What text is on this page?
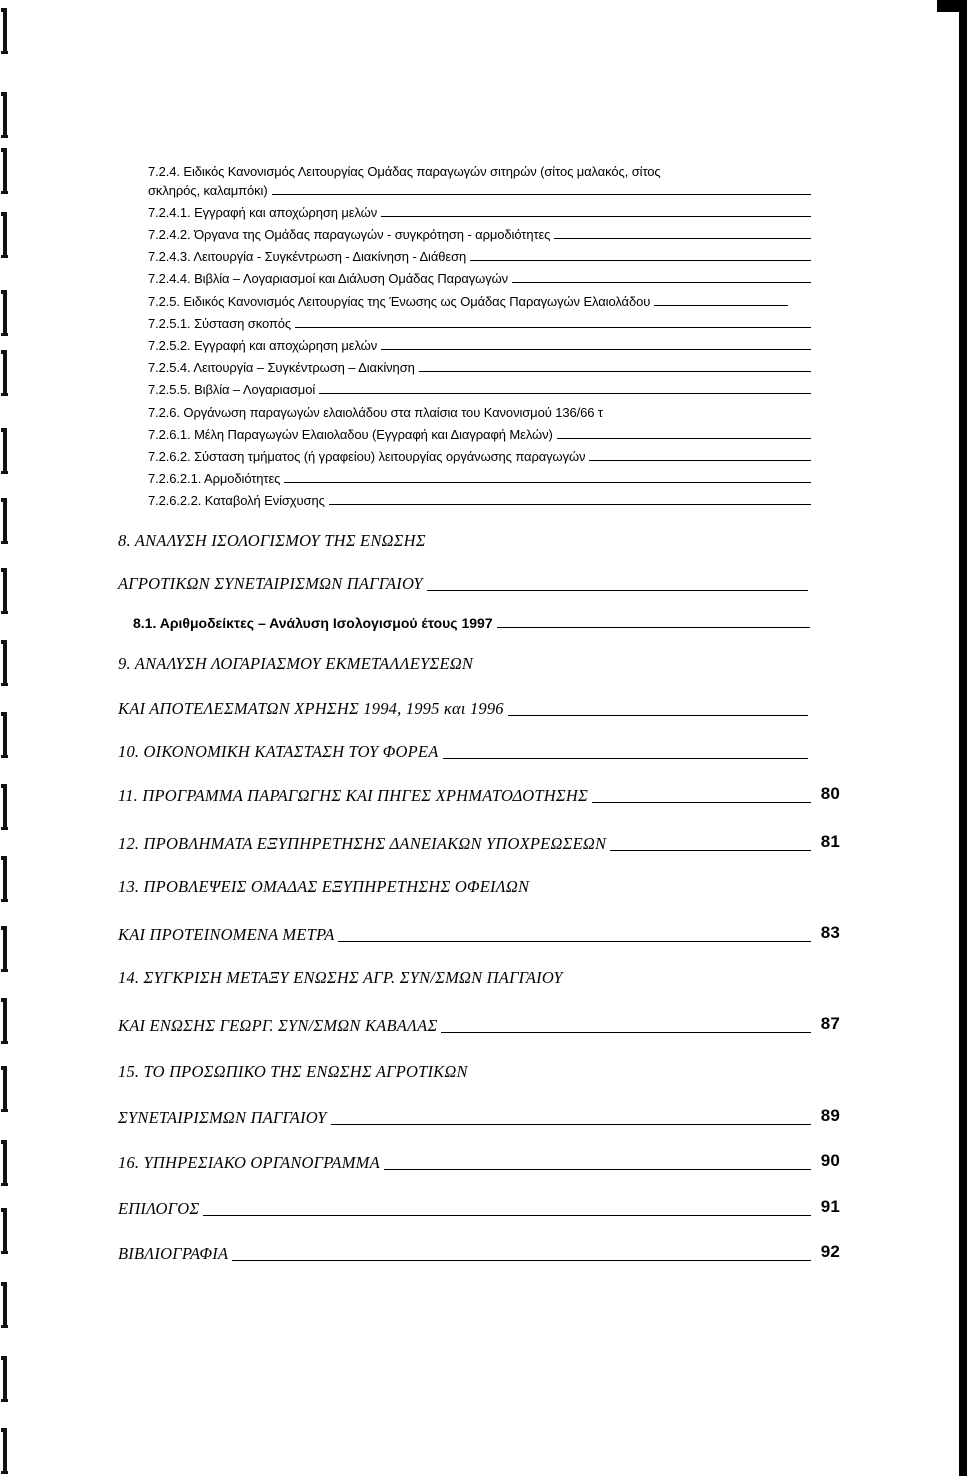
7.2.4. Ειδικός Κανονισμός Λειτουργίας Ομάδας παραγωγών σιτηρών (σίτος μαλακός, σίτος
σκληρός, καλαμπόκι)
7.2.4.1. Εγγραφή και αποχώρηση μελών
7.2.4.2. Όργανα της Ομάδας παραγωγών - συγκρότηση - αρμοδιότητες
7.2.4.3. Λειτουργία - Συγκέντρωση - Διακίνηση - Διάθεση
7.2.4.4. Βιβλία – Λογαριασμοί και Διάλυση Ομάδας Παραγωγών
7.2.5. Ειδικός Κανονισμός Λειτουργίας της Ένωσης ως Ομάδας Παραγωγών Ελαιολάδου
7.2.5.1. Σύσταση σκοπός
7.2.5.2. Εγγραφή και αποχώρηση μελών
7.2.5.4. Λειτουργία – Συγκέντρωση – Διακίνηση
7.2.5.5. Βιβλία – Λογαριασμοί
7.2.6. Οργάνωση παραγωγών ελαιολάδου στα πλαίσια του Κανονισμού 136/66 τ
7.2.6.1. Μέλη Παραγωγών Ελαιολαδου (Εγγραφή και Διαγραφή Μελών)
7.2.6.2. Σύσταση τμήματος (ή γραφείου) λειτουργίας οργάνωσης παραγωγών
7.2.6.2.1. Αρμοδιότητες
7.2.6.2.2. Καταβολή Ενίσχυσης
8. ΑΝΑΛΥΣΗ ΙΣΟΛΟΓΙΣΜΟΥ ΤΗΣ ΕΝΩΣΗΣ
ΑΓΡΟΤΙΚΩΝ ΣΥΝΕΤΑΙΡΙΣΜΩΝ ΠΑΓΓΑΙΟΥ
8.1. Αριθμοδείκτες – Ανάλυση Ισολογισμού έτους 1997
9. ΑΝΑΛΥΣΗ ΛΟΓΑΡΙΑΣΜΟΥ ΕΚΜΕΤΑΛΛΕΥΣΕΩΝ
ΚΑΙ ΑΠΟΤΕΛΕΣΜΑΤΩΝ ΧΡΗΣΗΣ 1994, 1995 και 1996
10. ΟΙΚΟΝΟΜΙΚΗ ΚΑΤΑΣΤΑΣΗ ΤΟΥ ΦΟΡΕΑ
11. ΠΡΟΓΡΑΜΜΑ ΠΑΡΑΓΩΓΗΣ ΚΑΙ ΠΗΓΕΣ ΧΡΗΜΑΤΟΔΟΤΗΣΗΣ	80
12. ΠΡΟΒΛΗΜΑΤΑ ΕΞΥΠΗΡΕΤΗΣΗΣ ΔΑΝΕΙΑΚΩΝ ΥΠΟΧΡΕΩΣΕΩΝ	81
13. ΠΡΟΒΛΕΨΕΙΣ ΟΜΑΔΑΣ ΕΞΥΠΗΡΕΤΗΣΗΣ ΟΦΕΙΛΩΝ
ΚΑΙ ΠΡΟΤΕΙΝΟΜΕΝΑ ΜΕΤΡΑ	83
14. ΣΥΓΚΡΙΣΗ ΜΕΤΑΞΥ ΕΝΩΣΗΣ ΑΓΡ. ΣΥΝ/ΣΜΩΝ ΠΑΓΓΑΙΟΥ
ΚΑΙ ΕΝΩΣΗΣ ΓΕΩΡΓ. ΣΥΝ/ΣΜΩΝ ΚΑΒΑΛΑΣ	87
15. ΤΟ ΠΡΟΣΩΠΙΚΟ ΤΗΣ ΕΝΩΣΗΣ ΑΓΡΟΤΙΚΩΝ
ΣΥΝΕΤΑΙΡΙΣΜΩΝ ΠΑΓΓΑΙΟΥ	89
16. ΥΠΗΡΕΣΙΑΚΟ ΟΡΓΑΝΟΓΡΑΜΜΑ	90
ΕΠΙΛΟΓΟΣ	91
ΒΙΒΛΙΟΓΡΑΦΙΑ	92
